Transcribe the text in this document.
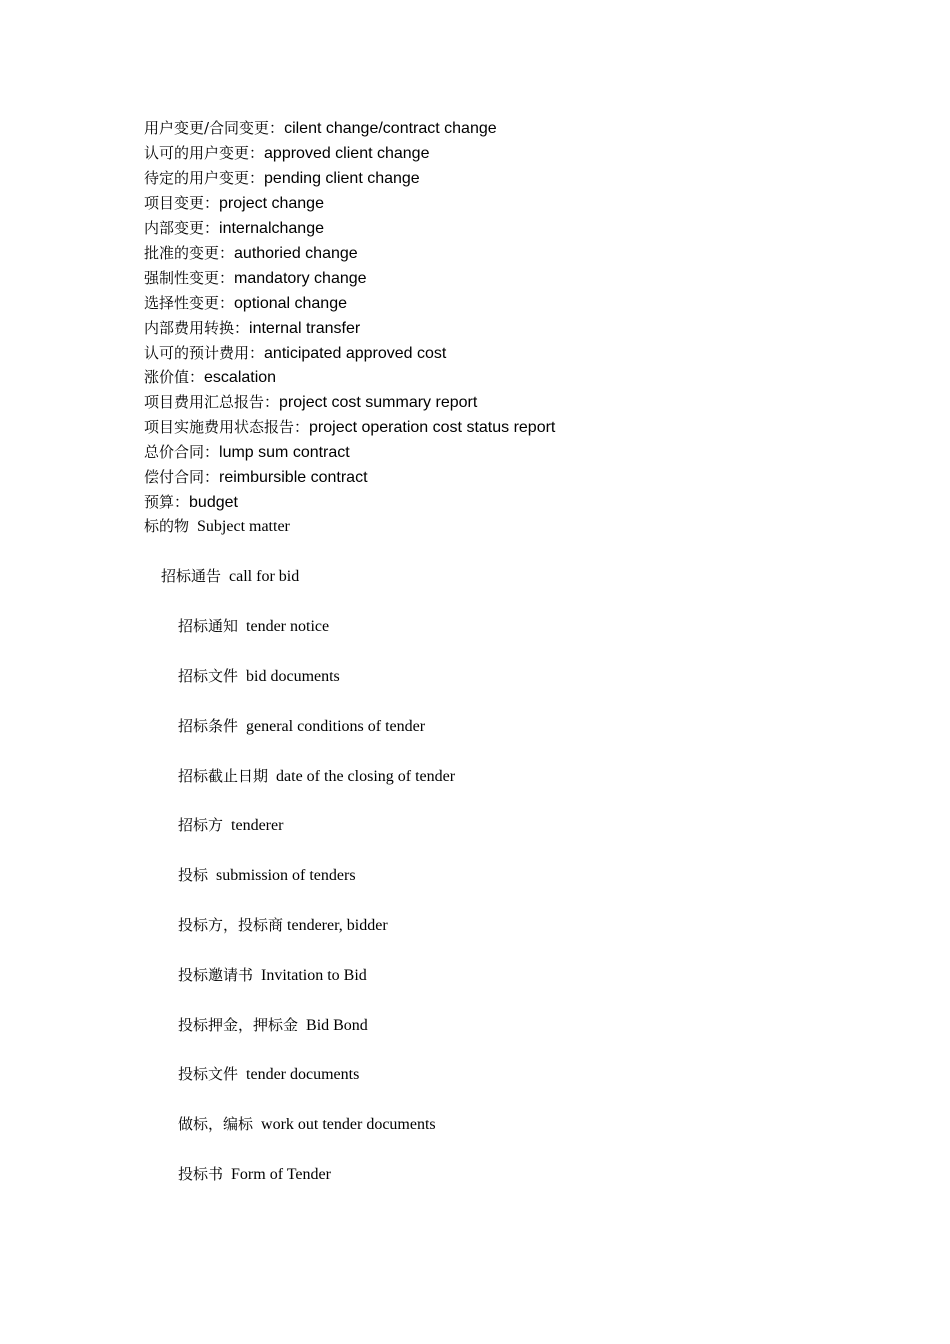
用户变更/合同变更：cilent change/contract change
认可的用户变更：approved client change
待定的用户变更：pending client change
项目变更：project change
内部变更：internalchange
批准的变更：authoried change
强制性变更：mandatory change
选择性变更：optional change
内部费用转换：internal transfer
认可的预计费用：anticipated approved cost
涨价值：escalation
项目费用汇总报告：project cost summary report
项目实施费用状态报告：project operation cost status report
总价合同：lump sum contract
偿付合同：reimbursible contract
预算：budget
标的物 Subject matter
招标通告 call for bid
招标通知 tender notice
招标文件 bid documents
招标条件 general conditions of tender
招标截止日期 date of the closing of tender
招标方 tenderer
投标 submission of tenders
投标方，投标商 tenderer, bidder
投标邀请书 Invitation to Bid
投标押金，押标金 Bid Bond
投标文件 tender documents
做标，编标 work out tender documents
投标书 Form of Tender
